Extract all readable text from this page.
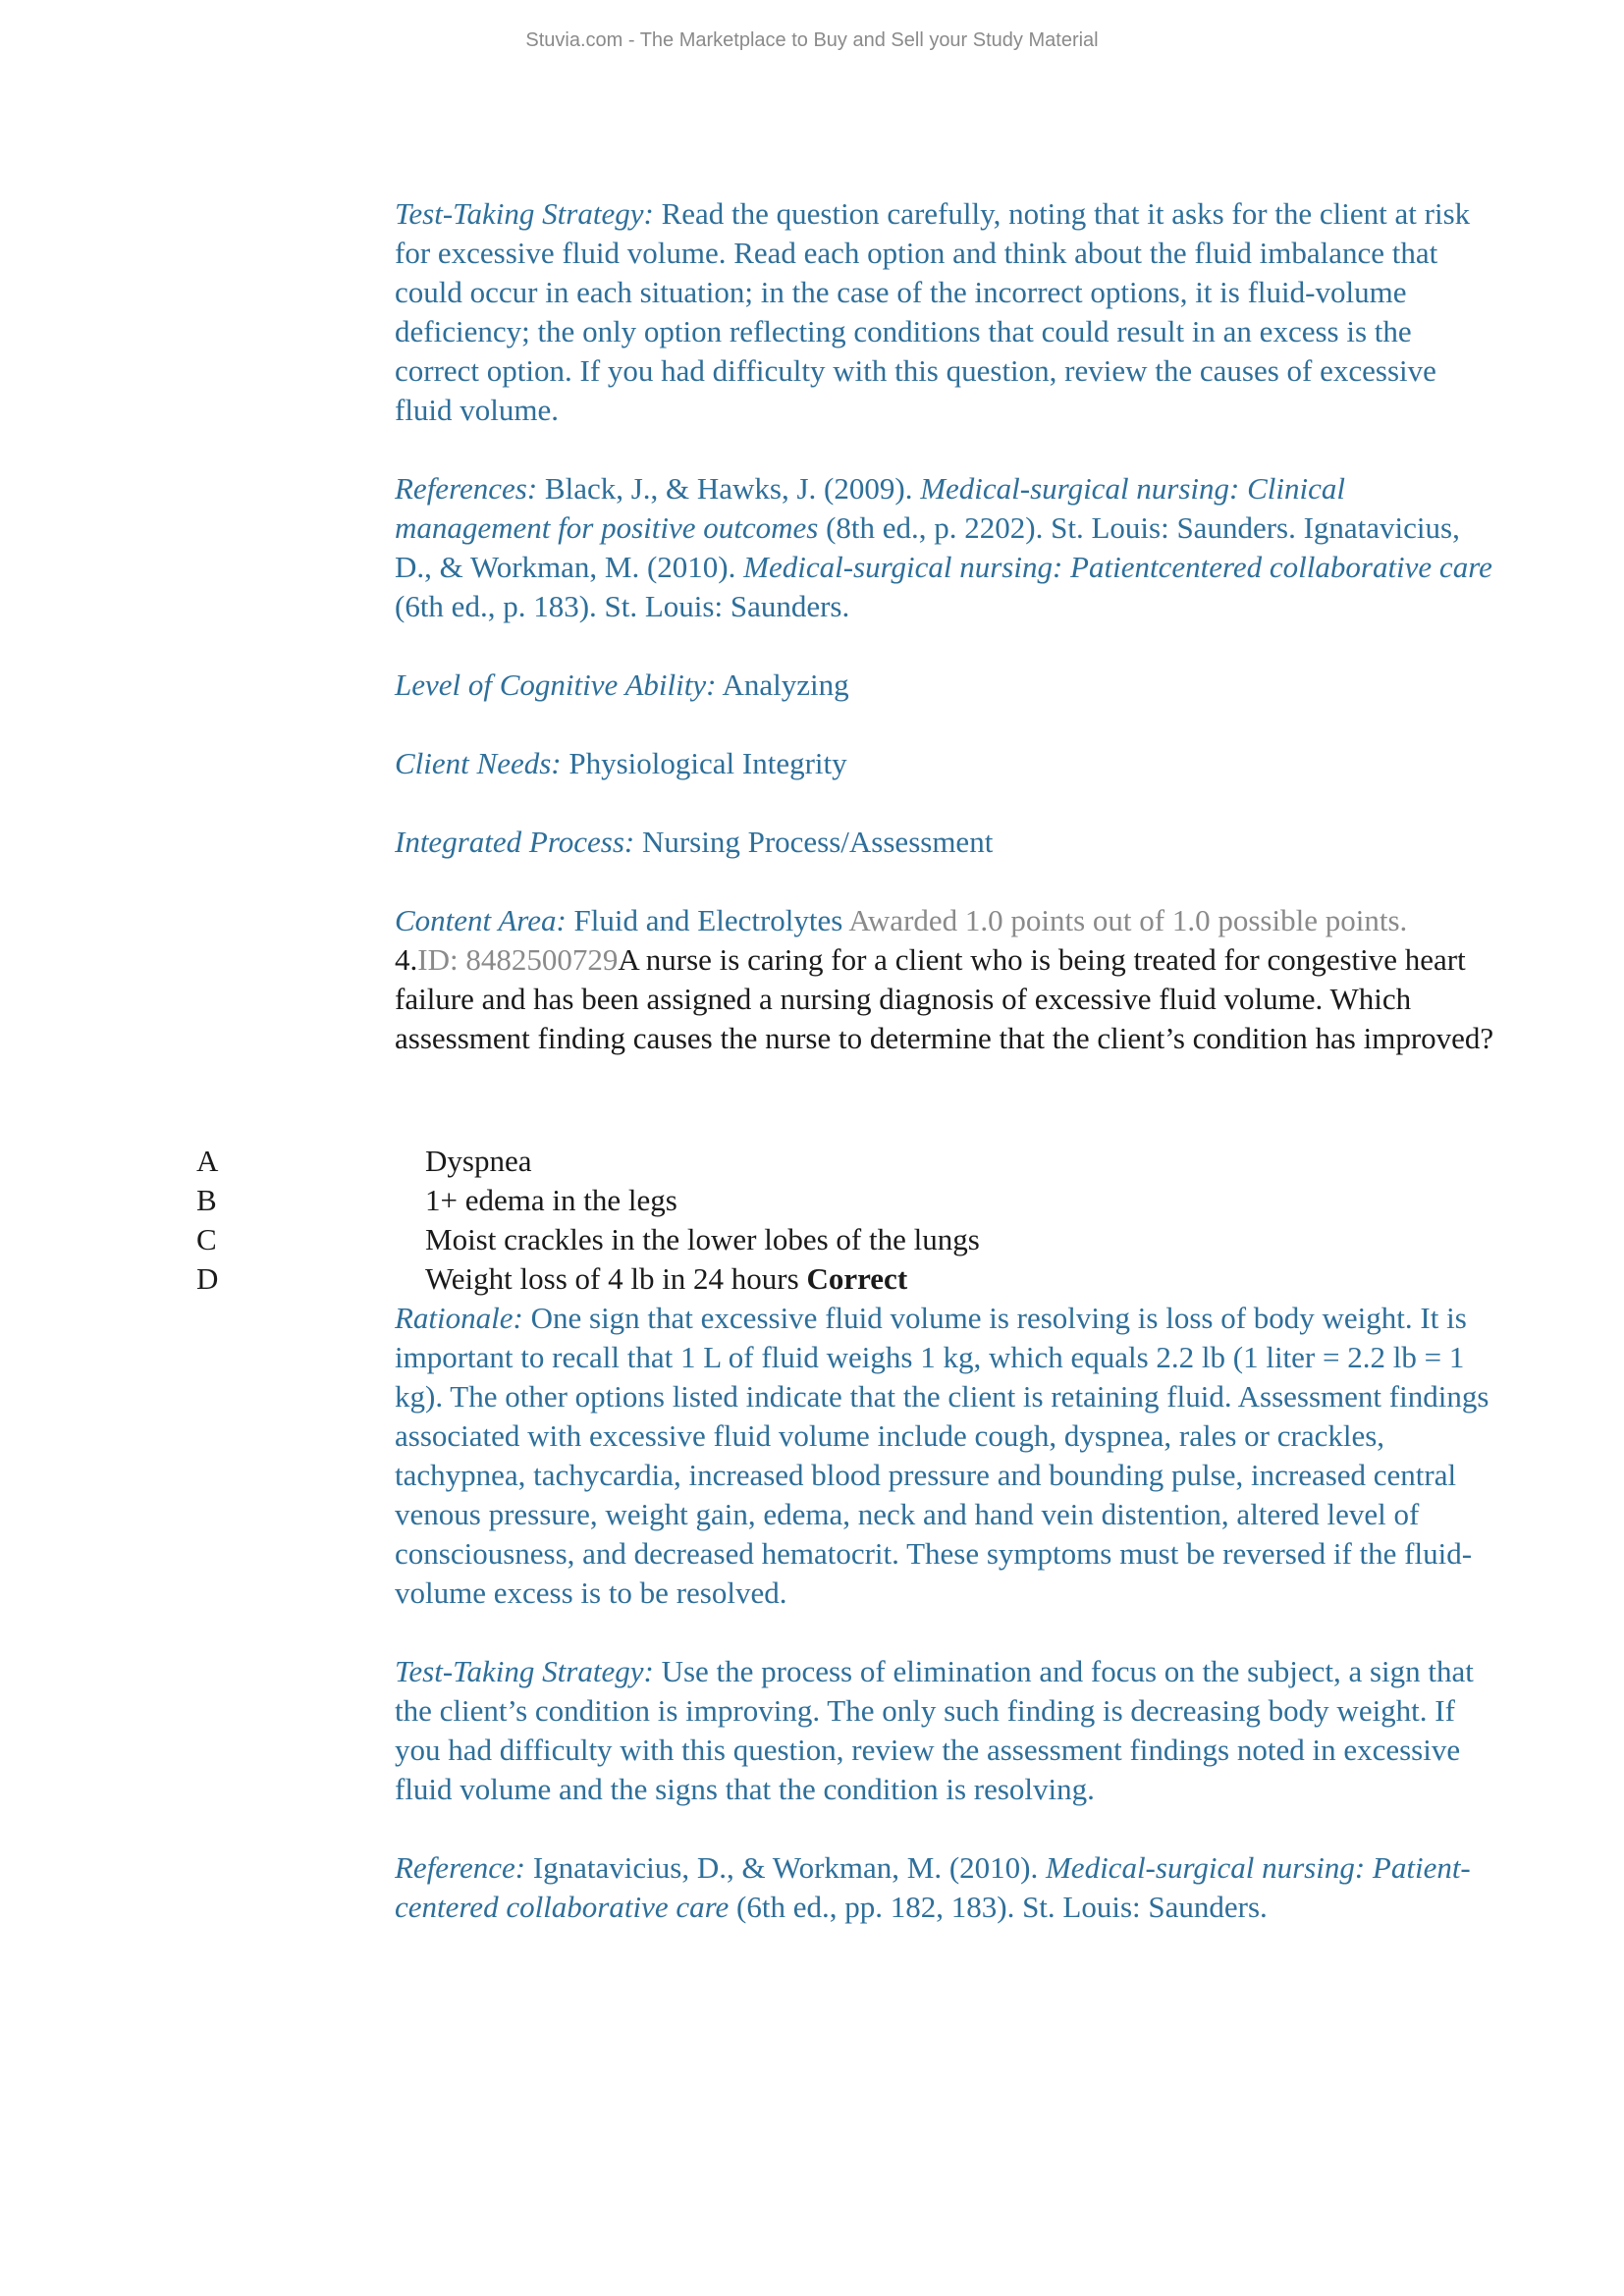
Stuvia.com - The Marketplace to Buy and Sell your Study Material

Test-Taking Strategy: Read the question carefully, noting that it asks for the client at risk for excessive fluid volume. Read each option and think about the fluid imbalance that could occur in each situation; in the case of the incorrect options, it is fluid-volume deficiency; the only option reflecting conditions that could result in an excess is the correct option. If you had difficulty with this question, review the causes of excessive fluid volume.

References: Black, J., & Hawks, J. (2009). Medical-surgical nursing: Clinical management for positive outcomes (8th ed., p. 2202). St. Louis: Saunders. Ignatavicius, D., & Workman, M. (2010). Medical-surgical nursing: Patientcentered collaborative care (6th ed., p. 183). St. Louis: Saunders.

Level of Cognitive Ability: Analyzing

Client Needs: Physiological Integrity

Integrated Process: Nursing Process/Assessment

Content Area: Fluid and Electrolytes Awarded 1.0 points out of 1.0 possible points.

4.ID: 8482500729A nurse is caring for a client who is being treated for congestive heart failure and has been assigned a nursing diagnosis of excessive fluid volume. Which assessment finding causes the nurse to determine that the client’s condition has improved?

A	Dyspnea
B	1+ edema in the legs
C	Moist crackles in the lower lobes of the lungs
D	Weight loss of 4 lb in 24 hours Correct

Rationale: One sign that excessive fluid volume is resolving is loss of body weight. It is important to recall that 1 L of fluid weighs 1 kg, which equals 2.2 lb (1 liter = 2.2 lb = 1 kg). The other options listed indicate that the client is retaining fluid. Assessment findings associated with excessive fluid volume include cough, dyspnea, rales or crackles, tachypnea, tachycardia, increased blood pressure and bounding pulse, increased central venous pressure, weight gain, edema, neck and hand vein distention, altered level of consciousness, and decreased hematocrit. These symptoms must be reversed if the fluid-volume excess is to be resolved.

Test-Taking Strategy: Use the process of elimination and focus on the subject, a sign that the client’s condition is improving. The only such finding is decreasing body weight. If you had difficulty with this question, review the assessment findings noted in excessive fluid volume and the signs that the condition is resolving.

Reference: Ignatavicius, D., & Workman, M. (2010). Medical-surgical nursing: Patient-centered collaborative care (6th ed., pp. 182, 183). St. Louis: Saunders.
